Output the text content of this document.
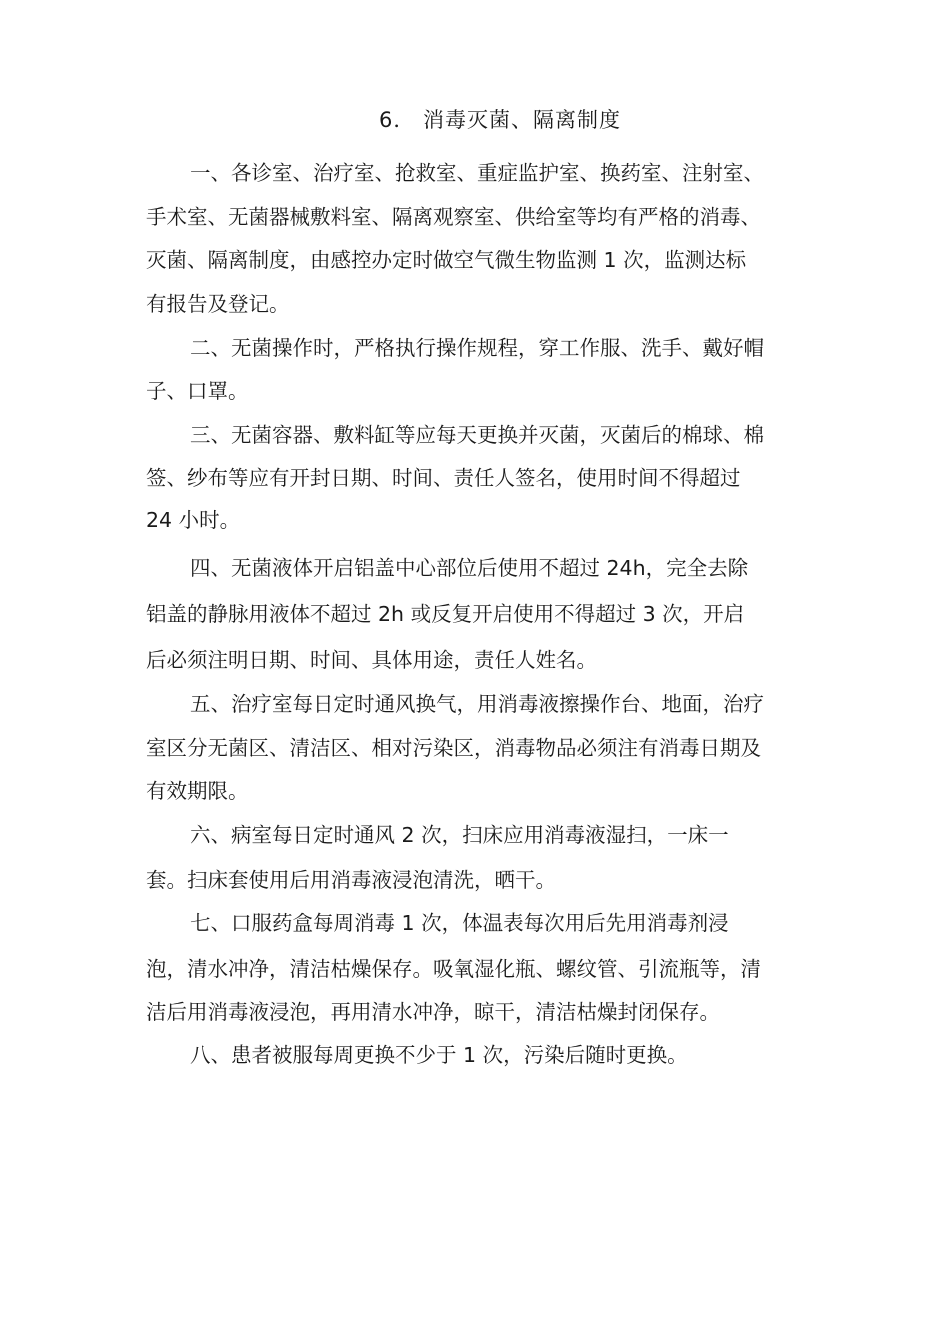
6． 消毒灭菌、隔离制度
一、各诊室、治疗室、抢救室、重症监护室、换药室、注射室、
手术室、无菌器械敷料室、隔离观察室、供给室等均有严格的消毒、
灭菌、隔离制度，由感控办定时做空气微生物监测 1 次，监测达标
有报告及登记。
二、无菌操作时，严格执行操作规程，穿工作服、洗手、戴好帽
子、口罩。
三、无菌容器、敷料缸等应每天更换并灭菌，灭菌后的棉球、棉
签、纱布等应有开封日期、时间、责任人签名，使用时间不得超过
24 小时。
四、无菌液体开启铝盖中心部位后使用不超过 24h，完全去除
铝盖的静脉用液体不超过 2h 或反复开启使用不得超过 3 次，开启
后必须注明日期、时间、具体用途，责任人姓名。
五、治疗室每日定时通风换气，用消毒液擦操作台、地面，治疗
室区分无菌区、清洁区、相对污染区，消毒物品必须注有消毒日期及
有效期限。
六、病室每日定时通风 2 次，扫床应用消毒液湿扫，一床一
套。扫床套使用后用消毒液浸泡清洗，晒干。
七、口服药盒每周消毒 1 次，体温表每次用后先用消毒剂浸
泡，清水冲净，清洁枯燥保存。吸氧湿化瓶、螺纹管、引流瓶等，清
洁后用消毒液浸泡，再用清水冲净，晾干，清洁枯燥封闭保存。
八、患者被服每周更换不少于 1 次，污染后随时更换。
